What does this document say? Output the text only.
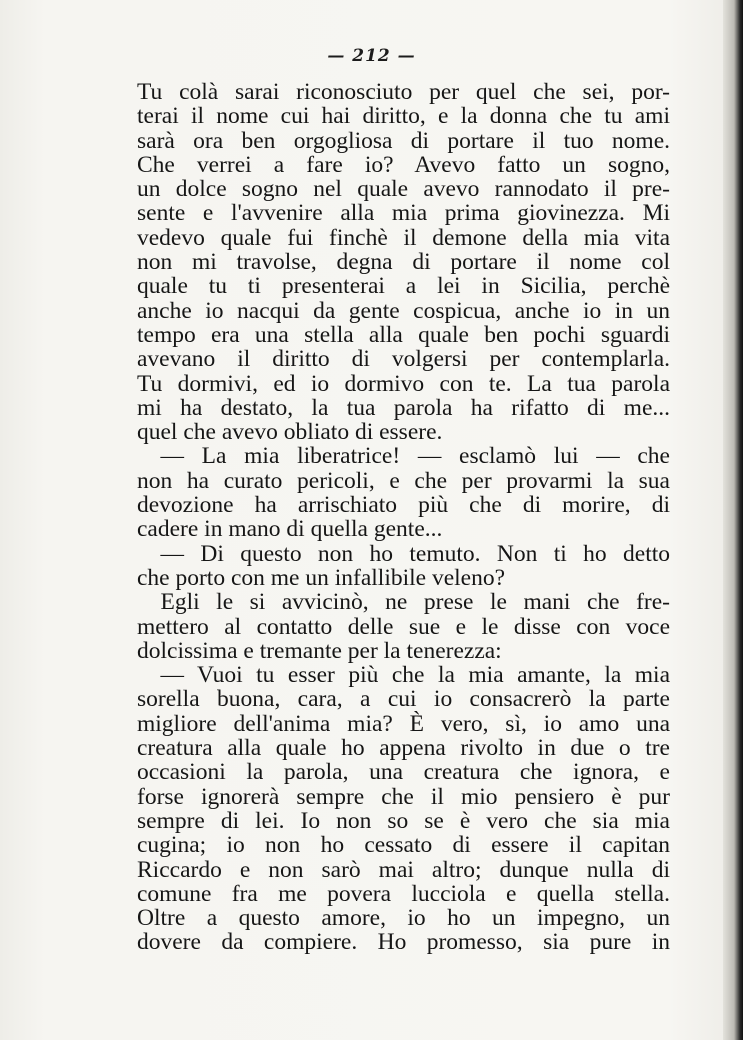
— 212 —
Tu colà sarai riconosciuto per quel che sei, por-
terai il nome cui hai diritto, e la donna che tu ami
sarà ora ben orgogliosa di portare il tuo nome.
Che verrei a fare io? Avevo fatto un sogno,
un dolce sogno nel quale avevo rannodato il pre-
sente e l'avvenire alla mia prima giovinezza. Mi
vedevo quale fui finchè il demone della mia vita
non mi travolse, degna di portare il nome col
quale tu ti presenterai a lei in Sicilia, perchè
anche io nacqui da gente cospicua, anche io in un
tempo era una stella alla quale ben pochi sguardi
avevano il diritto di volgersi per contemplarla.
Tu dormivi, ed io dormivo con te. La tua parola
mi ha destato, la tua parola ha rifatto di me...
quel che avevo obliato di essere.
 — La mia liberatrice! — esclamò lui — che
non ha curato pericoli, e che per provarmi la sua
devozione ha arrischiato più che di morire, di
cadere in mano di quella gente...
 — Di questo non ho temuto. Non ti ho detto
che porto con me un infallibile veleno?
 Egli le si avvicinò, ne prese le mani che fre-
mettero al contatto delle sue e le disse con voce
dolcissima e tremante per la tenerezza:
 — Vuoi tu esser più che la mia amante, la mia
sorella buona, cara, a cui io consacrerò la parte
migliore dell'anima mia? È vero, sì, io amo una
creatura alla quale ho appena rivolto in due o tre
occasioni la parola, una creatura che ignora, e
forse ignorerà sempre che il mio pensiero è pur
sempre di lei. Io non so se è vero che sia mia
cugina; io non ho cessato di essere il capitan
Riccardo e non sarò mai altro; dunque nulla di
comune fra me povera lucciola e quella stella.
Oltre a questo amore, io ho un impegno, un
dovere da compiere. Ho promesso, sia pure in
